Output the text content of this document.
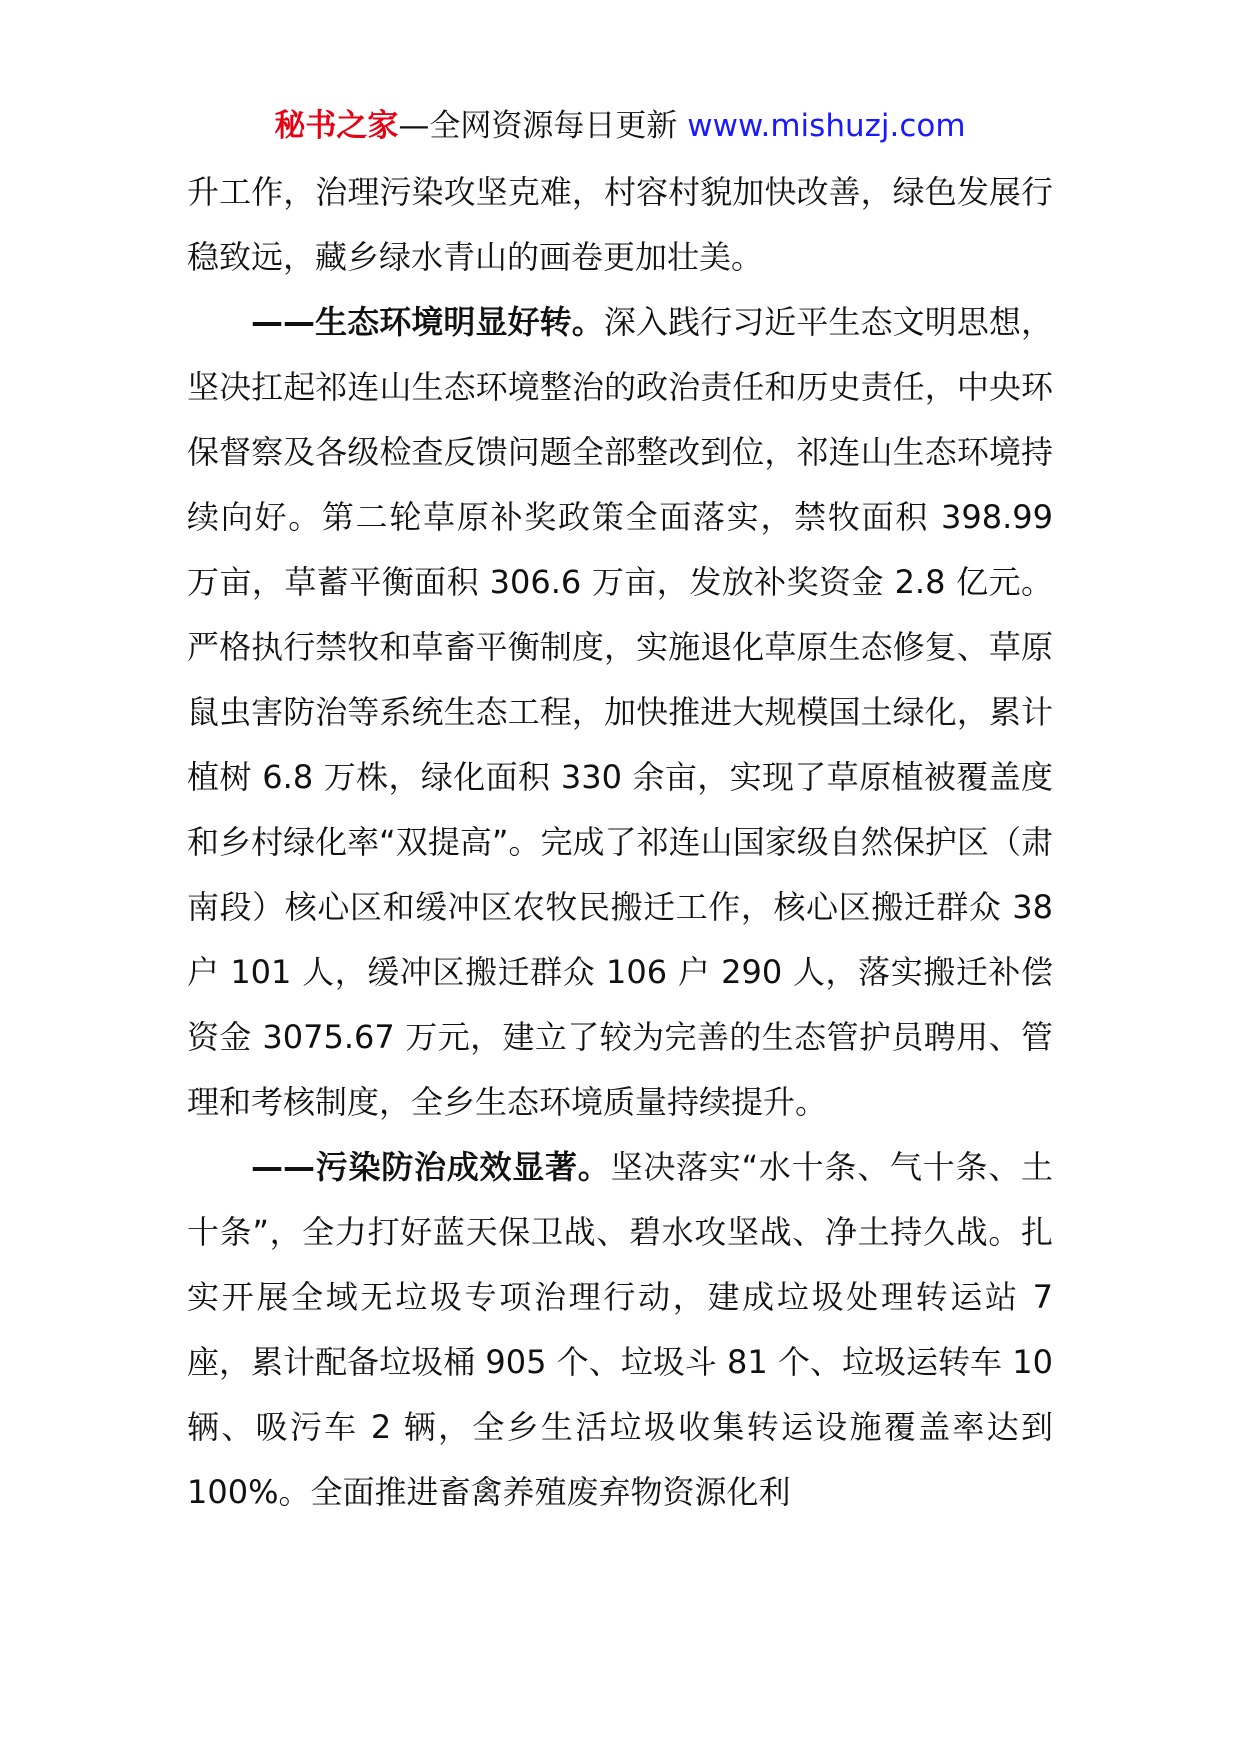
秘书之家—全网资源每日更新 www.mishuzj.com

升工作，治理污染攻坚克难，村容村貌加快改善，绿色发展行稳致远，藏乡绿水青山的画卷更加壮美。

——生态环境明显好转。深入践行习近平生态文明思想，坚决扛起祁连山生态环境整治的政治责任和历史责任，中央环保督察及各级检查反馈问题全部整改到位，祁连山生态环境持续向好。第二轮草原补奖政策全面落实，禁牧面积 398.99 万亩，草蓄平衡面积 306.6 万亩，发放补奖资金 2.8 亿元。严格执行禁牧和草畜平衡制度，实施退化草原生态修复、草原鼠虫害防治等系统生态工程，加快推进大规模国土绿化，累计植树 6.8 万株，绿化面积 330 余亩，实现了草原植被覆盖度和乡村绿化率“双提高”。完成了祁连山国家级自然保护区（肃南段）核心区和缓冲区农牧民搬迁工作，核心区搬迁群众 38 户 101 人，缓冲区搬迁群众 106 户 290 人，落实搬迁补偿资金 3075.67 万元，建立了较为完善的生态管护员聘用、管理和考核制度，全乡生态环境质量持续提升。

——污染防治成效显著。坚决落实“水十条、气十条、土十条”，全力打好蓝天保卫战、碧水攻坚战、净土持久战。扎实开展全域无垃圾专项治理行动，建成垃圾处理转运站 7 座，累计配备垃圾桶 905 个、垃圾斗 81 个、垃圾运转车 10 辆、吸污车 2 辆，全乡生活垃圾收集转运设施覆盖率达到 100%。全面推进畜禽养殖废弃物资源化利
